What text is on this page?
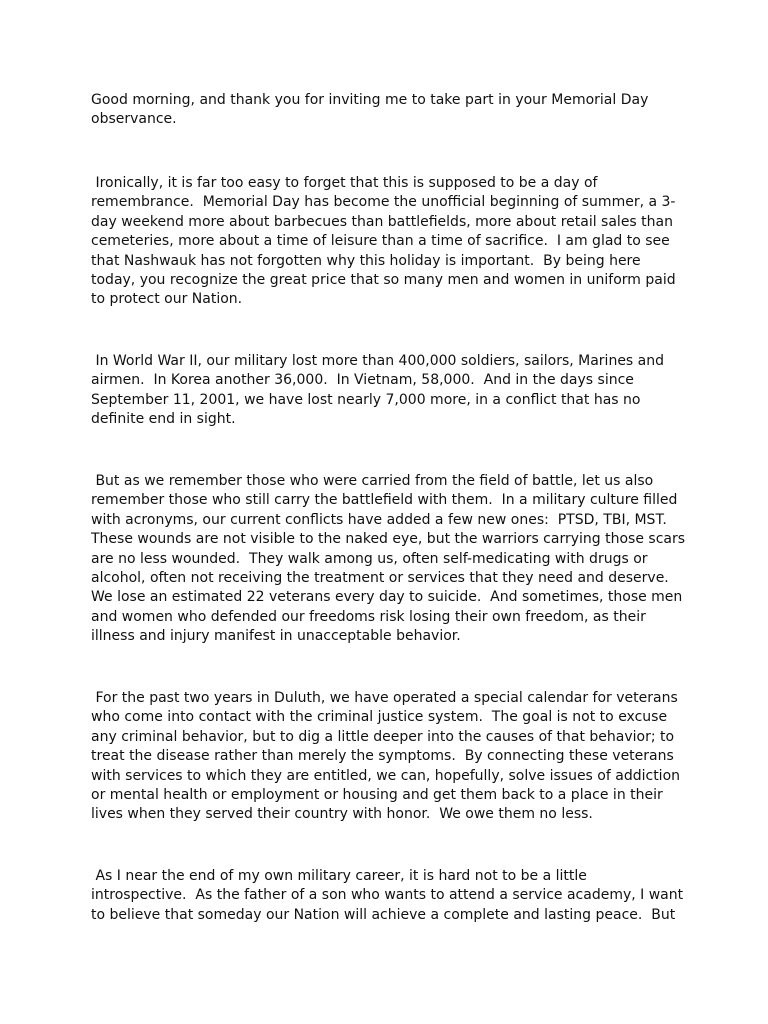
Good morning, and thank you for inviting me to take part in your Memorial Day
observance.

Ironically, it is far too easy to forget that this is supposed to be a day of
remembrance.  Memorial Day has become the unofficial beginning of summer, a 3-
day weekend more about barbecues than battlefields, more about retail sales than
cemeteries, more about a time of leisure than a time of sacrifice.  I am glad to see
that Nashwauk has not forgotten why this holiday is important.  By being here
today, you recognize the great price that so many men and women in uniform paid
to protect our Nation.

In World War II, our military lost more than 400,000 soldiers, sailors, Marines and
airmen.  In Korea another 36,000.  In Vietnam, 58,000.  And in the days since
September 11, 2001, we have lost nearly 7,000 more, in a conflict that has no
definite end in sight.

But as we remember those who were carried from the field of battle, let us also
remember those who still carry the battlefield with them.  In a military culture filled
with acronyms, our current conflicts have added a few new ones:  PTSD, TBI, MST.
These wounds are not visible to the naked eye, but the warriors carrying those scars
are no less wounded.  They walk among us, often self-medicating with drugs or
alcohol, often not receiving the treatment or services that they need and deserve.
We lose an estimated 22 veterans every day to suicide.  And sometimes, those men
and women who defended our freedoms risk losing their own freedom, as their
illness and injury manifest in unacceptable behavior.

For the past two years in Duluth, we have operated a special calendar for veterans
who come into contact with the criminal justice system.  The goal is not to excuse
any criminal behavior, but to dig a little deeper into the causes of that behavior; to
treat the disease rather than merely the symptoms.  By connecting these veterans
with services to which they are entitled, we can, hopefully, solve issues of addiction
or mental health or employment or housing and get them back to a place in their
lives when they served their country with honor.  We owe them no less.

As I near the end of my own military career, it is hard not to be a little
introspective.  As the father of a son who wants to attend a service academy, I want
to believe that someday our Nation will achieve a complete and lasting peace.  But
